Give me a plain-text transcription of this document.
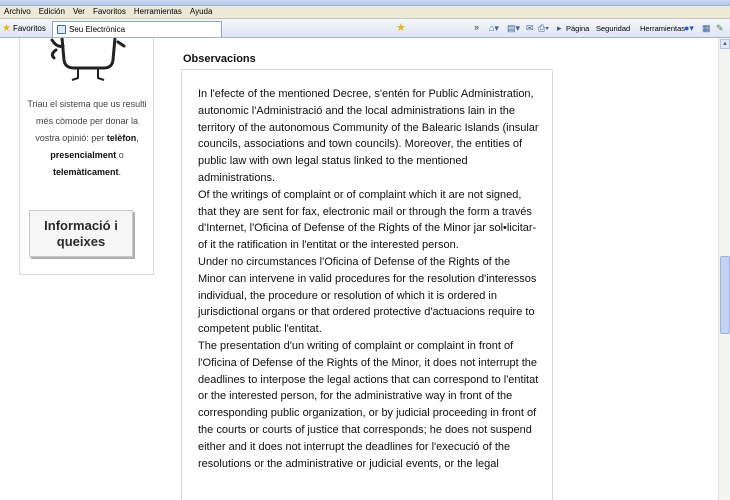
Archivo Edición Ver Favoritos Herramientas Ayuda
★ Favoritos	Seu Electrònica	★	» ⌂▾ ▤▾ ✉ ⎙▾ ▸ Página Seguridad Herramientas
●▾ ▦ ✎
Triau el sistema que us resulti més còmode per donar la vostra opinió: per telèfon,
presencialment o
telemàticament.
Informació i queixes
Observacions

In l'efecte of the mentioned Decree, s'entén for Public Administration, autonomic l'Administració and the local administrations lain in the territory of the autonomous Community of the Balearic Islands (insular councils, associations and town councils). Moreover, the entities of public law with own legal status linked to the mentioned administrations.

Of the writings of complaint or of complaint which it are not signed, that they are sent for fax, electronic mail or through the form a través d'Internet, l'Oficina of Defense of the Rights of the Minor jar sol•licitar-of it the ratification in l'entitat or the interested person.

Under no circumstances l'Oficina of Defense of the Rights of the Minor can intervene in valid procedures for the resolution d'interessos individual, the procedure or resolution of which it is ordered in jurisdictional organs or that ordered protective d'actuacions require to competent public l'entitat.

The presentation d'un writing of complaint or complaint in front of l'Oficina of Defense of the Rights of the Minor, it does not interrupt the deadlines to interpose the legal actions that can correspond to l'entitat or the interested person, for the administrative way in front of the corresponding public organization, or by judicial proceeding in front of the courts or courts of justice that corresponds; he does not suspend either and it does not interrupt the deadlines for l'execució of the resolutions or the administrative or judicial events, or the legal

▲
